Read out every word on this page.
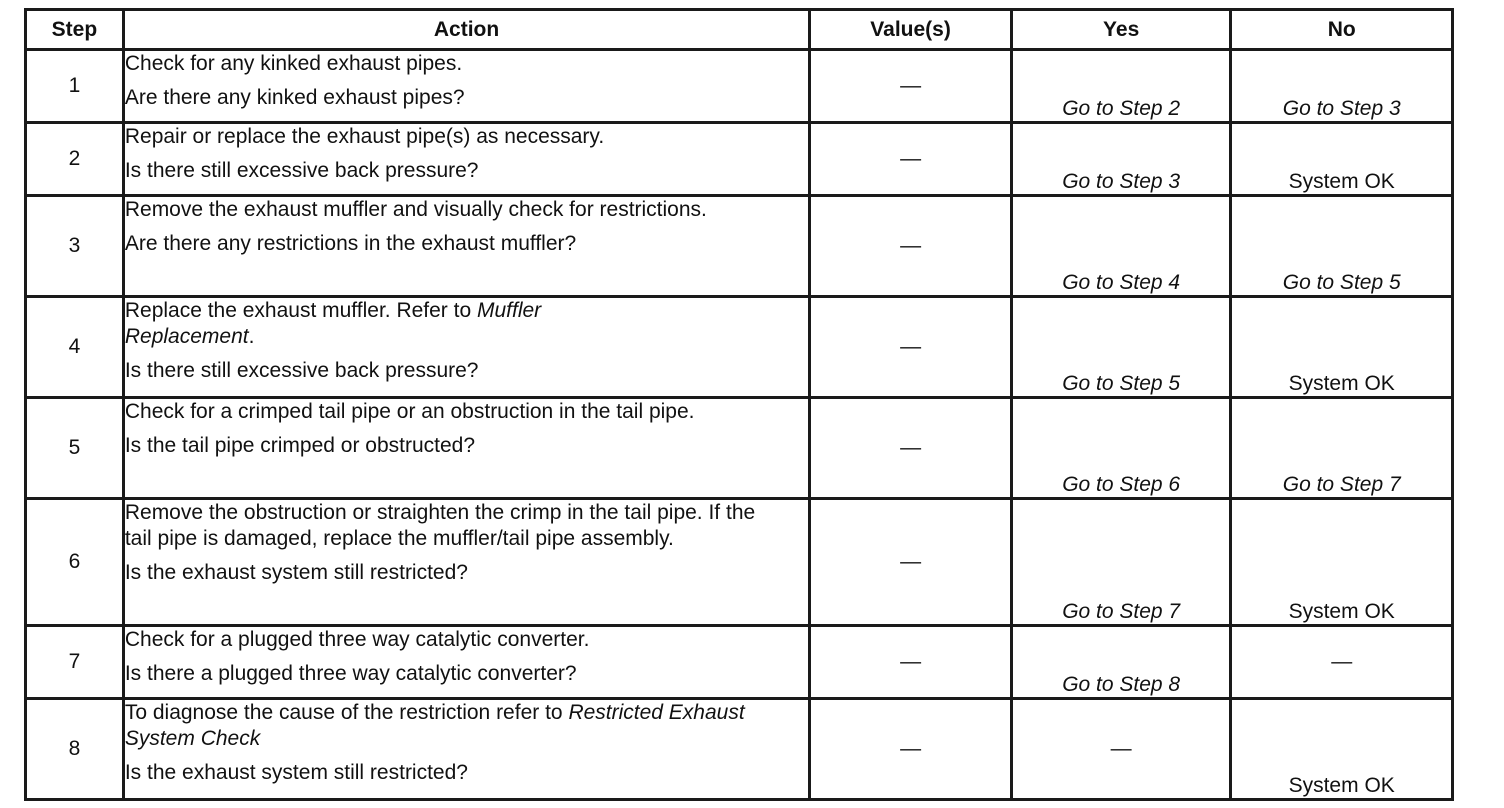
Step	Action	Value(s)	Yes	No
1	Check for any kinked exhaust pipes.
Are there any kinked exhaust pipes?	—	Go to Step 2	Go to Step 3
2	Repair or replace the exhaust pipe(s) as necessary.
Is there still excessive back pressure?	—	Go to Step 3	System OK
3	Remove the exhaust muffler and visually check for restrictions.
Are there any restrictions in the exhaust muffler?	—	Go to Step 4	Go to Step 5
4	Replace the exhaust muffler. Refer to Muffler Replacement.
Is there still excessive back pressure?	—	Go to Step 5	System OK
5	Check for a crimped tail pipe or an obstruction in the tail pipe.
Is the tail pipe crimped or obstructed?	—	Go to Step 6	Go to Step 7
6	Remove the obstruction or straighten the crimp in the tail pipe. If the tail pipe is damaged, replace the muffler/tail pipe assembly.
Is the exhaust system still restricted?	—	Go to Step 7	System OK
7	Check for a plugged three way catalytic converter.
Is there a plugged three way catalytic converter?	—	Go to Step 8	—
8	To diagnose the cause of the restriction refer to Restricted Exhaust System Check
Is the exhaust system still restricted?	—	—	System OK
